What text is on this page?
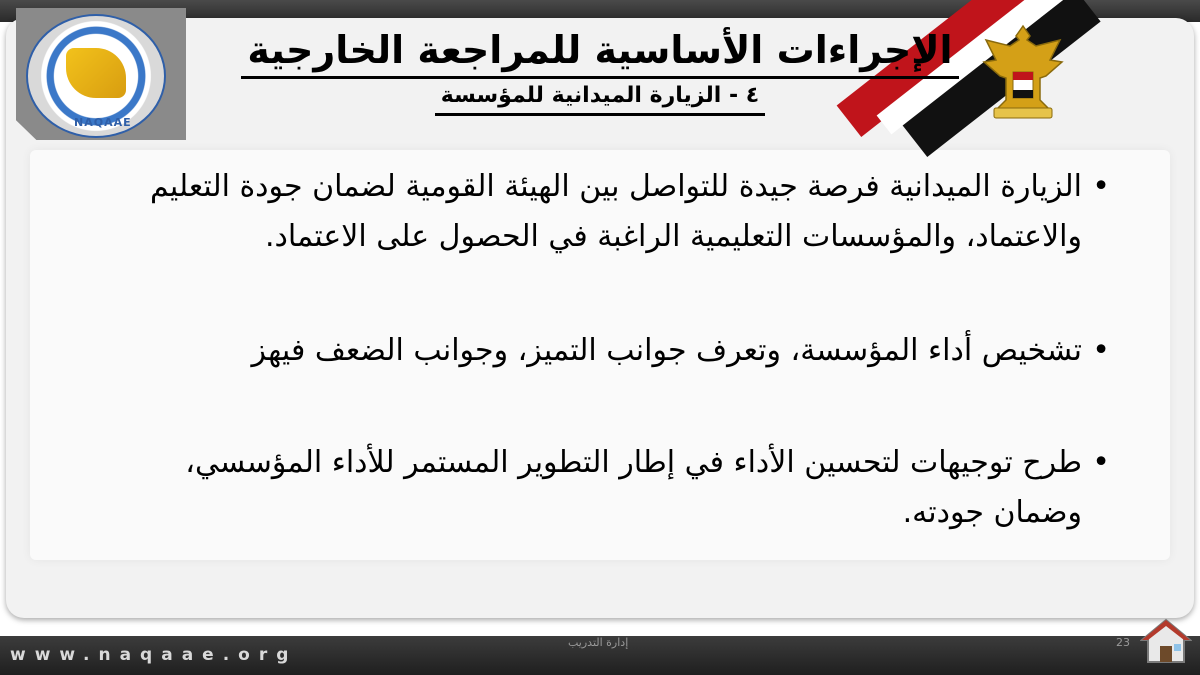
NAQAAE
الإجراءات الأساسية للمراجعة الخارجية
٤ - الزيارة الميدانية للمؤسسة
• الزيارة الميدانية فرصة جيدة للتواصل بين الهيئة القومية لضمان جودة التعليم والاعتماد، والمؤسسات التعليمية الراغبة في الحصول على الاعتماد.
• تشخيص أداء المؤسسة، وتعرف جوانب التميز، وجوانب الضعف فيهز
• طرح توجيهات لتحسين الأداء في إطار التطوير المستمر للأداء المؤسسي، وضمان جودته.
www.naqaae.org
إدارة التدريب	23
